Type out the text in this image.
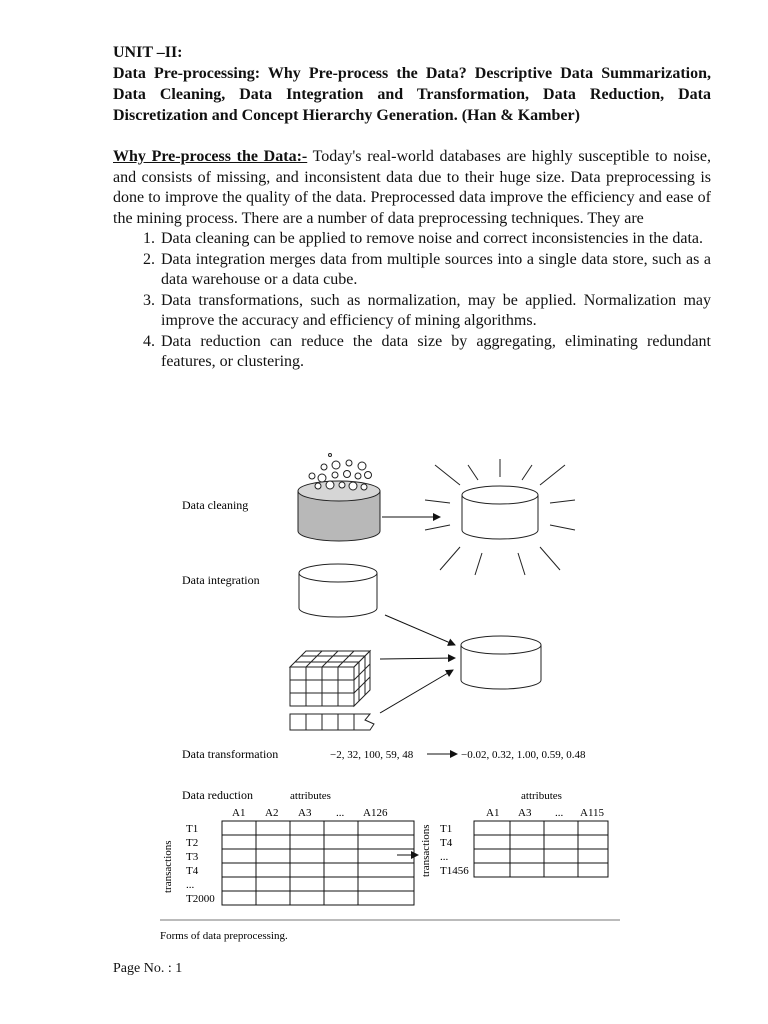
UNIT –II:
Data Pre-processing: Why Pre-process the Data? Descriptive Data Summarization, Data Cleaning, Data Integration and Transformation, Data Reduction, Data Discretization and Concept Hierarchy Generation. (Han & Kamber)
Why Pre-process the Data:- Today's real-world databases are highly susceptible to noise, and consists of missing, and inconsistent data due to their huge size. Data preprocessing is done to improve the quality of the data. Preprocessed data improve the efficiency and ease of the mining process. There are a number of data preprocessing techniques. They are
1. Data cleaning can be applied to remove noise and correct inconsistencies in the data.
2. Data integration merges data from multiple sources into a single data store, such as a data warehouse or a data cube.
3. Data transformations, such as normalization, may be applied. Normalization may improve the accuracy and efficiency of mining algorithms.
4. Data reduction can reduce the data size by aggregating, eliminating redundant features, or clustering.
Data cleaning
Data integration
Data transformation	−2, 32, 100, 59, 48	−0.02, 0.32, 1.00, 0.59, 0.48
Data reduction	attributes	attributes
A1 A2 A3 ... A126
T1
T2
T3
T4
...
T2000
transactions	transactions
A1 A3 ... A115
T1
T4
...
T1456
Forms of data preprocessing.
Page No. : 1
